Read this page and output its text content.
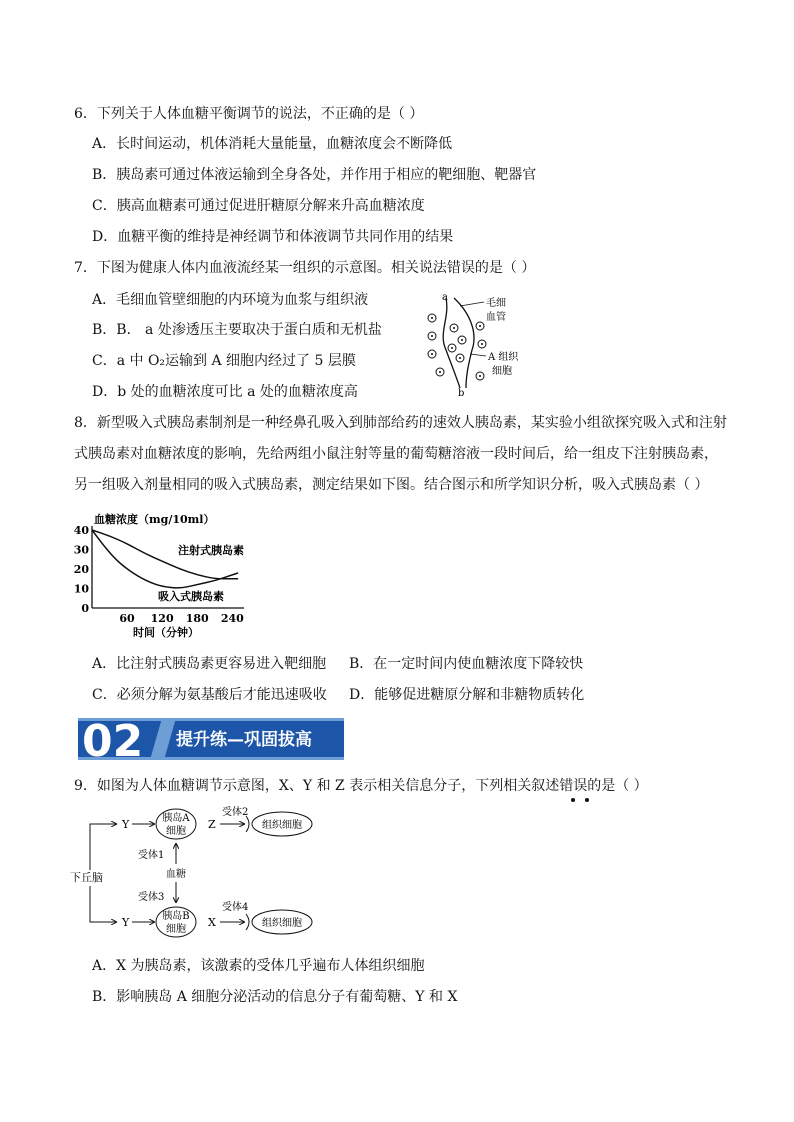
6．下列关于人体血糖平衡调节的说法，不正确的是（ ）
A．长时间运动，机体消耗大量能量，血糖浓度会不断降低
B．胰岛素可通过体液运输到全身各处，并作用于相应的靶细胞、靶器官
C．胰高血糖素可通过促进肝糖原分解来升高血糖浓度
D．血糖平衡的维持是神经调节和体液调节共同作用的结果
7．下图为健康人体内血液流经某一组织的示意图。相关说法错误的是（ ）
A．毛细血管壁细胞的内环境为血浆与组织液
B．B． a 处渗透压主要取决于蛋白质和无机盐
C．a 中 O₂运输到 A 细胞内经过了 5 层膜
D．b 处的血糖浓度可比 a 处的血糖浓度高
a
b
毛细
血管
A 组织
细胞
8．新型吸入式胰岛素制剂是一种经鼻孔吸入到肺部给药的速效人胰岛素，某实验小组欲探究吸入式和注射
式胰岛素对血糖浓度的影响，先给两组小鼠注射等量的葡萄糖溶液一段时间后，给一组皮下注射胰岛素，
另一组吸入剂量相同的吸入式胰岛素，测定结果如下图。结合图示和所学知识分析，吸入式胰岛素（ ）
血糖浓度（mg/10ml）
0
10
20
30
40
60 120 180 240
时间（分钟）
注射式胰岛素
吸入式胰岛素
A．比注射式胰岛素更容易进入靶细胞 B．在一定时间内使血糖浓度下降较快
C．必须分解为氨基酸后才能迅速吸收 D．能够促进糖原分解和非糖物质转化
02 提升练—巩固拔高
9．如图为人体血糖调节示意图，X、Y 和 Z 表示相关信息分子，下列相关叙述错误的是（ ）
下丘脑
Y
Y
胰岛A
细胞
胰岛B
细胞
血糖
受体1
受体3
Z
X
受体2
受体4
组织细胞
组织细胞
A．X 为胰岛素，该激素的受体几乎遍布人体组织细胞
B．影响胰岛 A 细胞分泌活动的信息分子有葡萄糖、Y 和 X
